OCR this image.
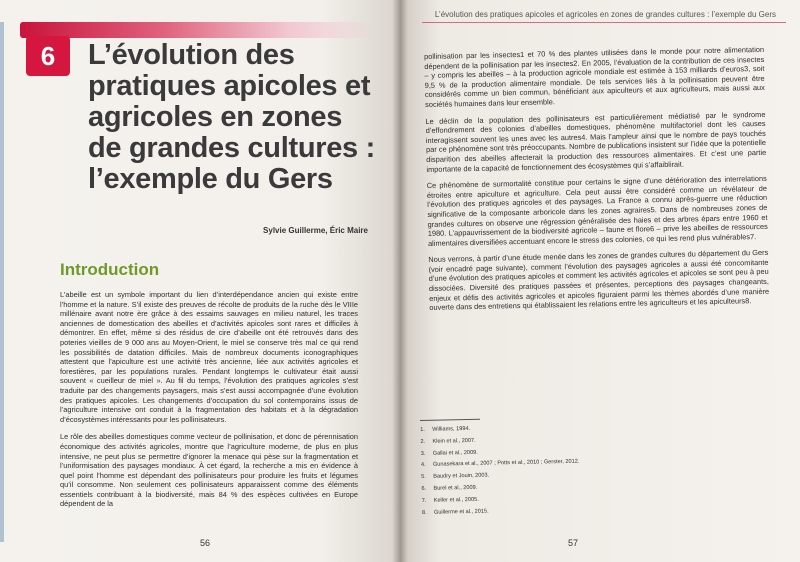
6	L’évolution des pratiques apicoles et agricoles en zones de grandes cultures : l’exemple du Gers

Sylvie Guillerme, Éric Maire

Introduction

L’abeille est un symbole important du lien d’interdépendance ancien qui existe entre l’homme et la nature. S’il existe des preuves de récolte de produits de la ruche dès le VIIIe millénaire avant notre ère grâce à des essaims sauvages en milieu naturel, les traces anciennes de domestication des abeilles et d’activités apicoles sont rares et difficiles à démontrer. En effet, même si des résidus de cire d’abeille ont été retrouvés dans des poteries vieilles de 9 000 ans au Moyen-Orient, le miel se conserve très mal ce qui rend les possibilités de datation difficiles. Mais de nombreux documents iconographiques attestent que l’apiculture est une activité très ancienne, liée aux activités agricoles et forestières, par les populations rurales. Pendant longtemps le cultivateur était aussi souvent « cueilleur de miel ». Au fil du temps, l’évolution des pratiques agricoles s’est traduite par des changements paysagers, mais s’est aussi accompagnée d’une évolution des pratiques apicoles. Les changements d’occupation du sol contemporains issus de l’agriculture intensive ont conduit à la fragmentation des habitats et à la dégradation d’écosystèmes intéressants pour les pollinisateurs.

Le rôle des abeilles domestiques comme vecteur de pollinisation, et donc de pérennisation économique des activités agricoles, montre que l’agriculture moderne, de plus en plus intensive, ne peut plus se permettre d’ignorer la menace qui pèse sur la fragmentation et l’uniformisation des paysages mondiaux. À cet égard, la recherche a mis en évidence à quel point l’homme est dépendant des pollinisateurs pour produire les fruits et légumes qu’il consomme. Non seulement ces pollinisateurs apparaissent comme des éléments essentiels contribuant à la biodiversité, mais 84 % des espèces cultivées en Europe dépendent de la

56
L’évolution des pratiques apicoles et agricoles en zones de grandes cultures : l’exemple du Gers

pollinisation par les insectes1 et 70 % des plantes utilisées dans le monde pour notre alimentation dépendent de la pollinisation par les insectes2. En 2005, l’évaluation de la contribution de ces insectes – y compris les abeilles – à la production agricole mondiale est estimée à 153 milliards d’euros3, soit 9,5 % de la production alimentaire mondiale. De tels services liés à la pollinisation peuvent être considérés comme un bien commun, bénéficiant aux apiculteurs et aux agriculteurs, mais aussi aux sociétés humaines dans leur ensemble.

Le déclin de la population des pollinisateurs est particulièrement médiatisé par le syndrome d’effondrement des colonies d’abeilles domestiques, phénomène multifactoriel dont les causes interagissent souvent les unes avec les autres4. Mais l’ampleur ainsi que le nombre de pays touchés par ce phénomène sont très préoccupants. Nombre de publications insistent sur l’idée que la potentielle disparition des abeilles affecterait la production des ressources alimentaires. Et c’est une partie importante de la capacité de fonctionnement des écosystèmes qui s’affaiblirait.

Ce phénomène de surmortalité constitue pour certains le signe d’une détérioration des interrelations étroites entre apiculture et agriculture. Cela peut aussi être considéré comme un révélateur de l’évolution des pratiques agricoles et des paysages. La France a connu après-guerre une réduction significative de la composante arboricole dans les zones agraires5. Dans de nombreuses zones de grandes cultures on observe une régression généralisée des haies et des arbres épars entre 1960 et 1980. L’appauvrissement de la biodiversité agricole – faune et flore6 – prive les abeilles de ressources alimentaires diversifiées accentuant encore le stress des colonies, ce qui les rend plus vulnérables7.

Nous verrons, à partir d’une étude menée dans les zones de grandes cultures du département du Gers (voir encadré page suivante), comment l’évolution des paysages agricoles a aussi été concomitante d’une évolution des pratiques apicoles et comment les activités agricoles et apicoles se sont peu à peu dissociées. Diversité des pratiques passées et présentes, perceptions des paysages changeants, enjeux et défis des activités agricoles et apicoles figuraient parmi les thèmes abordés d’une manière ouverte dans des entretiens qui établissaient les relations entre les agriculteurs et les apiculteurs8.

1.	Williams, 1994.
2.	Klein et al., 2007.
3.	Gallai et al., 2009.
4.	Gunasekara et al., 2007 ; Potts et al., 2010 ; Gerster, 2012.
5.	Baudry et Jouin, 2003.
6.	Burel et al., 2009.
7.	Keller et al., 2005.
8.	Guillerme et al., 2015.
57
